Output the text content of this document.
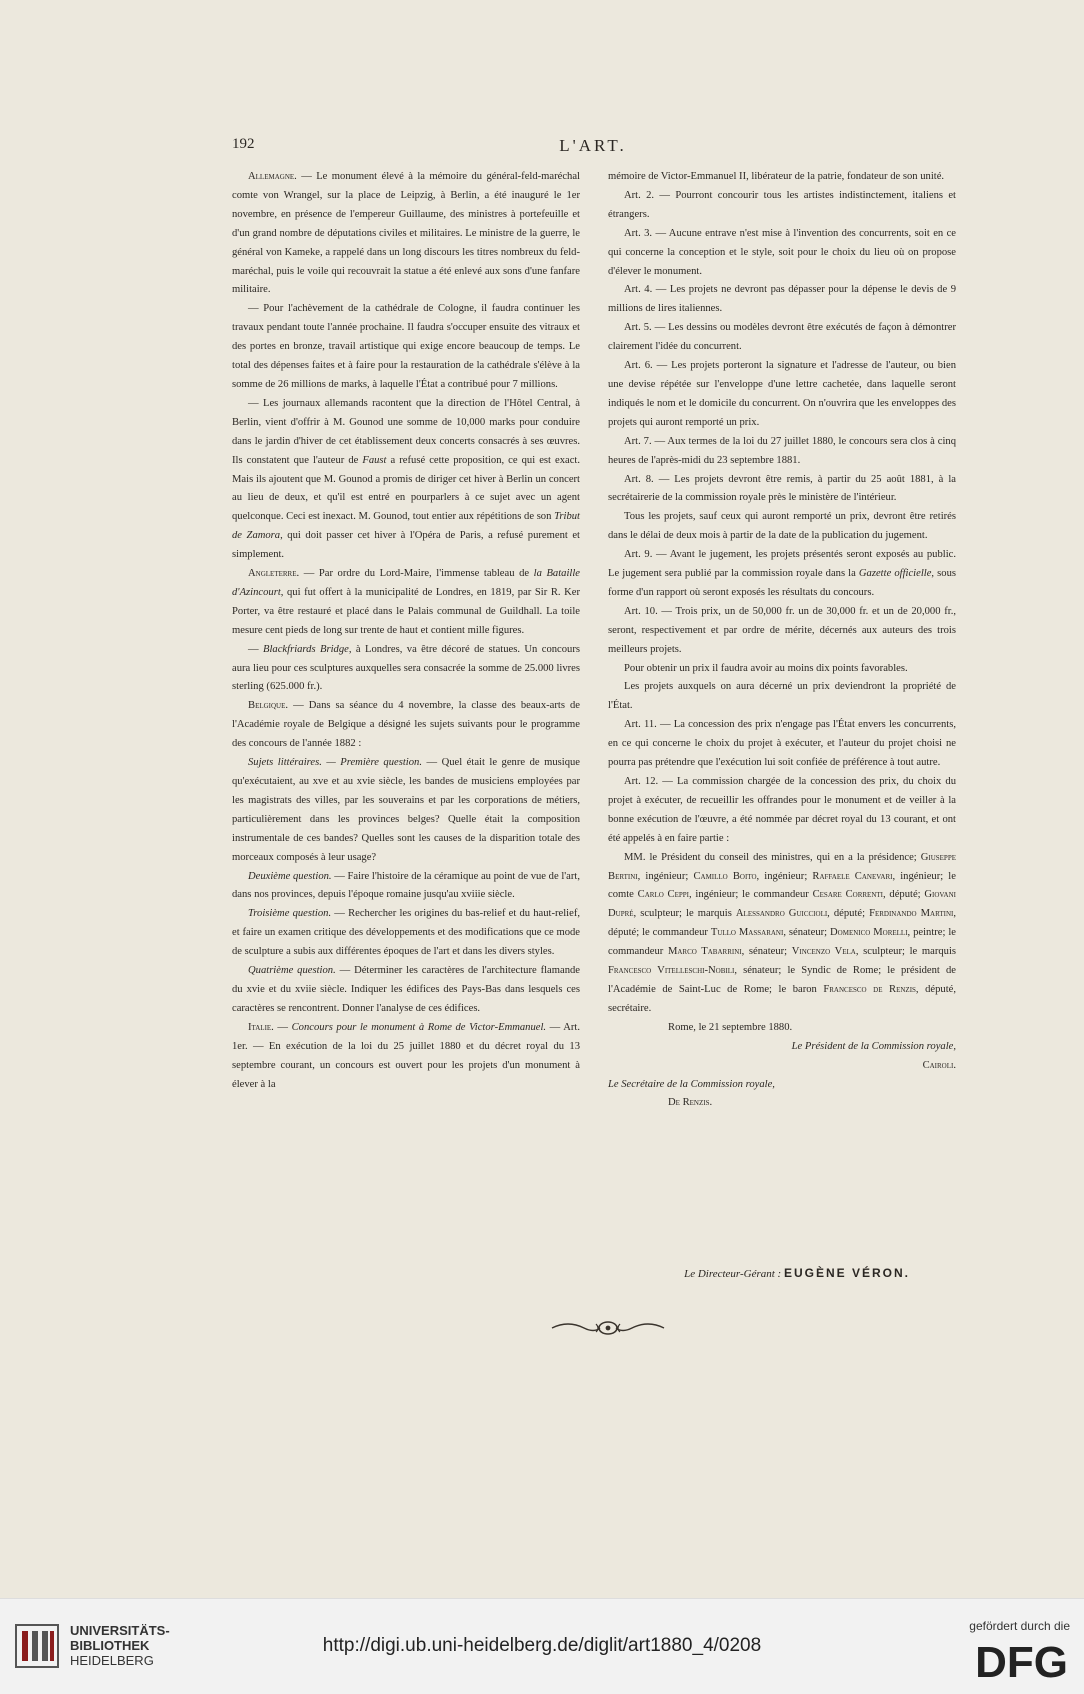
192	L'ART.

Allemagne. — Le monument élevé à la mémoire du général-feld-maréchal comte von Wrangel, sur la place de Leipzig, à Berlin, a été inauguré le 1er novembre, en présence de l'empereur Guillaume, des ministres à portefeuille et d'un grand nombre de députations civiles et militaires. Le ministre de la guerre, le général von Kameke, a rappelé dans un long discours les titres nombreux du feld-maréchal, puis le voile qui recouvrait la statue a été enlevé aux sons d'une fanfare militaire.

— Pour l'achèvement de la cathédrale de Cologne, il faudra continuer les travaux pendant toute l'année prochaine. Il faudra s'occuper ensuite des vitraux et des portes en bronze, travail artistique qui exige encore beaucoup de temps. Le total des dépenses faites et à faire pour la restauration de la cathédrale s'élève à la somme de 26 millions de marks, à laquelle l'État a contribué pour 7 millions.

— Les journaux allemands racontent que la direction de l'Hôtel Central, à Berlin, vient d'offrir à M. Gounod une somme de 10,000 marks pour conduire dans le jardin d'hiver de cet établissement deux concerts consacrés à ses œuvres. Ils constatent que l'auteur de Faust a refusé cette proposition, ce qui est exact. Mais ils ajoutent que M. Gounod a promis de diriger cet hiver à Berlin un concert au lieu de deux, et qu'il est entré en pourparlers à ce sujet avec un agent quelconque. Ceci est inexact. M. Gounod, tout entier aux répétitions de son Tribut de Zamora, qui doit passer cet hiver à l'Opéra de Paris, a refusé purement et simplement.

Angleterre. — Par ordre du Lord-Maire, l'immense tableau de la Bataille d'Azincourt, qui fut offert à la municipalité de Londres, en 1819, par Sir R. Ker Porter, va être restauré et placé dans le Palais communal de Guildhall. La toile mesure cent pieds de long sur trente de haut et contient mille figures.

— Blackfriards Bridge, à Londres, va être décoré de statues. Un concours aura lieu pour ces sculptures auxquelles sera consacrée la somme de 25.000 livres sterling (625.000 fr.).

Belgique. — Dans sa séance du 4 novembre, la classe des beaux-arts de l'Académie royale de Belgique a désigné les sujets suivants pour le programme des concours de l'année 1882 :

Sujets littéraires. — Première question. — Quel était le genre de musique qu'exécutaient, au xve et au xvie siècle, les bandes de musiciens employées par les magistrats des villes, par les souverains et par les corporations de métiers, particulièrement dans les provinces belges? Quelle était la composition instrumentale de ces bandes? Quelles sont les causes de la disparition totale des morceaux composés à leur usage?

Deuxième question. — Faire l'histoire de la céramique au point de vue de l'art, dans nos provinces, depuis l'époque romaine jusqu'au xviiie siècle.

Troisième question. — Rechercher les origines du bas-relief et du haut-relief, et faire un examen critique des développements et des modifications que ce mode de sculpture a subis aux différentes époques de l'art et dans les divers styles.

Quatrième question. — Déterminer les caractères de l'architecture flamande du xvie et du xviie siècle. Indiquer les édifices des Pays-Bas dans lesquels ces caractères se rencontrent. Donner l'analyse de ces édifices.

Italie. — Concours pour le monument à Rome de Victor-Emmanuel. — Art. 1er. — En exécution de la loi du 25 juillet 1880 et du décret royal du 13 septembre courant, un concours est ouvert pour les projets d'un monument à élever à la

mémoire de Victor-Emmanuel II, libérateur de la patrie, fondateur de son unité.

Art. 2. — Pourront concourir tous les artistes indistinctement, italiens et étrangers.

Art. 3. — Aucune entrave n'est mise à l'invention des concurrents, soit en ce qui concerne la conception et le style, soit pour le choix du lieu où on propose d'élever le monument.

Art. 4. — Les projets ne devront pas dépasser pour la dépense le devis de 9 millions de lires italiennes.

Art. 5. — Les dessins ou modèles devront être exécutés de façon à démontrer clairement l'idée du concurrent.

Art. 6. — Les projets porteront la signature et l'adresse de l'auteur, ou bien une devise répétée sur l'enveloppe d'une lettre cachetée, dans laquelle seront indiqués le nom et le domicile du concurrent. On n'ouvrira que les enveloppes des projets qui auront remporté un prix.

Art. 7. — Aux termes de la loi du 27 juillet 1880, le concours sera clos à cinq heures de l'après-midi du 23 septembre 1881.

Art. 8. — Les projets devront être remis, à partir du 25 août 1881, à la secrétairerie de la commission royale près le ministère de l'intérieur.

Tous les projets, sauf ceux qui auront remporté un prix, devront être retirés dans le délai de deux mois à partir de la date de la publication du jugement.

Art. 9. — Avant le jugement, les projets présentés seront exposés au public. Le jugement sera publié par la commission royale dans la Gazette officielle, sous forme d'un rapport où seront exposés les résultats du concours.

Art. 10. — Trois prix, un de 50,000 fr. un de 30,000 fr. et un de 20,000 fr., seront, respectivement et par ordre de mérite, décernés aux auteurs des trois meilleurs projets.

Pour obtenir un prix il faudra avoir au moins dix points favorables.

Les projets auxquels on aura décerné un prix deviendront la propriété de l'État.

Art. 11. — La concession des prix n'engage pas l'État envers les concurrents, en ce qui concerne le choix du projet à exécuter, et l'auteur du projet choisi ne pourra pas prétendre que l'exécution lui soit confiée de préférence à tout autre.

Art. 12. — La commission chargée de la concession des prix, du choix du projet à exécuter, de recueillir les offrandes pour le monument et de veiller à la bonne exécution de l'œuvre, a été nommée par décret royal du 13 courant, et ont été appelés à en faire partie :

MM. le Président du conseil des ministres, qui en a la présidence; Giuseppe Bertini, ingénieur; Camillo Boito, ingénieur; Raffaele Canevari, ingénieur; le comte Carlo Ceppi, ingénieur; le commandeur Cesare Correnti, député; Giovani Dupré, sculpteur; le marquis Alessandro Guiccioli, député; Ferdinando Martini, député; le commandeur Tullo Massarani, sénateur; Domenico Morelli, peintre; le commandeur Marco Tabarrini, sénateur; Vincenzo Vela, sculpteur; le marquis Francesco Vitelleschi-Nobili, sénateur; le Syndic de Rome; le président de l'Académie de Saint-Luc de Rome; le baron Francesco de Renzis, député, secrétaire.

Rome, le 21 septembre 1880.

Le Président de la Commission royale,

Cairoli.

Le Secrétaire de la Commission royale,

De Renzis.

Le Directeur-Gérant : EUGÈNE VÉRON.
UNIVERSITÄTS-
BIBLIOTHEK
HEIDELBERG
http://digi.ub.uni-heidelberg.de/diglit/art1880_4/0208
gefördert durch die
DFG
